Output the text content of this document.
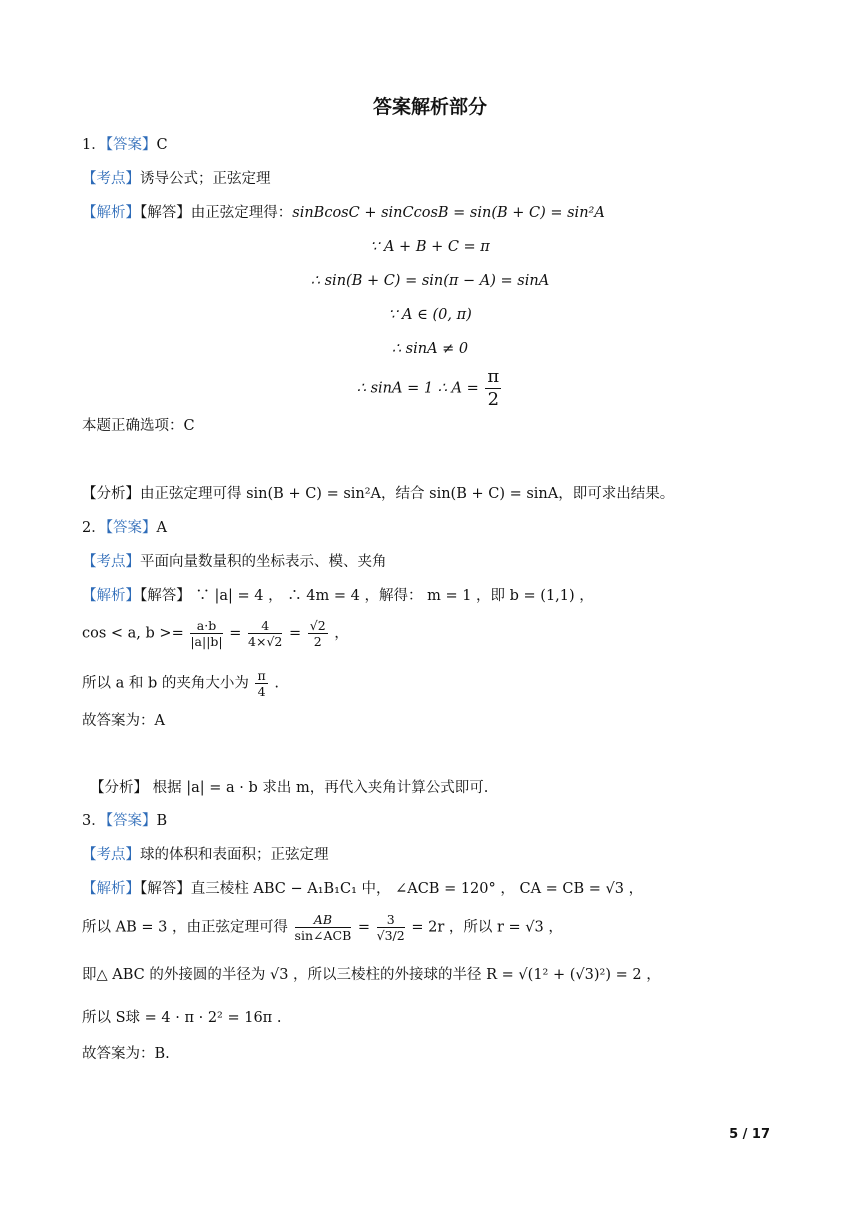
答案解析部分
1．【答案】C
【考点】诱导公式；正弦定理
【解析】【解答】由正弦定理得：sinBcosC + sinCcosB = sin(B + C) = sin²A
∵ A + B + C = π
∴ sin(B + C) = sin(π − A) = sinA
∵ A ∈ (0, π)
∴ sinA ≠ 0
∴ sinA = 1 ∴ $A = \frac{\pi}{2}$
本题正确选项：C
【分析】由正弦定理可得 sin(B + C) = sin²A，结合 sin(B + C) = sinA，即可求出结果。
2．【答案】A
【考点】平面向量数量积的坐标表示、模、夹角
【解析】【解答】 ∵ |a| = 4 ， ∴ 4m = 4 ，解得： m = 1 ，即 b = (1,1) ，
cos < a, $b >= \frac{a\cdot b}{|a||b|} = \frac{4}{4\times√2} = \frac{√2}{2}$ ，
所以 a 和 b 的夹角大小为 $\frac{\pi}{4}$ .
故答案为：A
【分析】 根据 |a| = a · b 求出 m，再代入夹角计算公式即可.
3．【答案】B
【考点】球的体积和表面积；正弦定理
【解析】【解答】直三棱柱 ABC − A₁B₁C₁ 中， ∠ACB = 120° ， CA = CB = √3 ，
所以 AB = 3 ，由正弦定理可得 $\frac{AB}{\text{sin∠ACB}} = \frac{3}{√3/2} = 2r$ ，所以 r = √3 ，
即△ ABC 的外接圆的半径为 √3 ，所以三棱柱的外接球的半径 R = √(1² + (√3)²) = 2 ，
所以 S球 = 4 · π · 2² = 16π .
故答案为：B.
5 / 17
